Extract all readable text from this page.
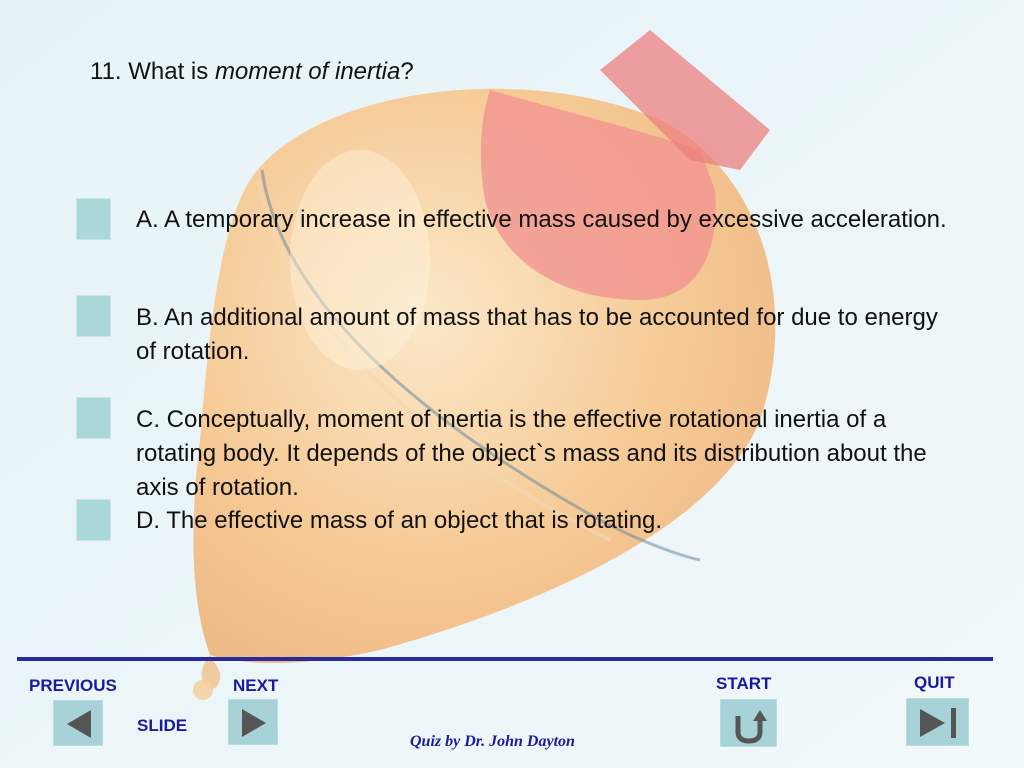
11. What is moment of inertia?
A. A temporary increase in effective mass caused by excessive acceleration.
B. An additional amount of mass that has to be accounted for due to energy of rotation.
C. Conceptually, moment of inertia is the effective rotational inertia of a rotating body. It depends of the object`s mass and its distribution about the axis of rotation.
D. The effective mass of an object that is rotating.
PREVIOUS
SLIDE
NEXT	START	QUIT
Quiz by Dr. John Dayton
